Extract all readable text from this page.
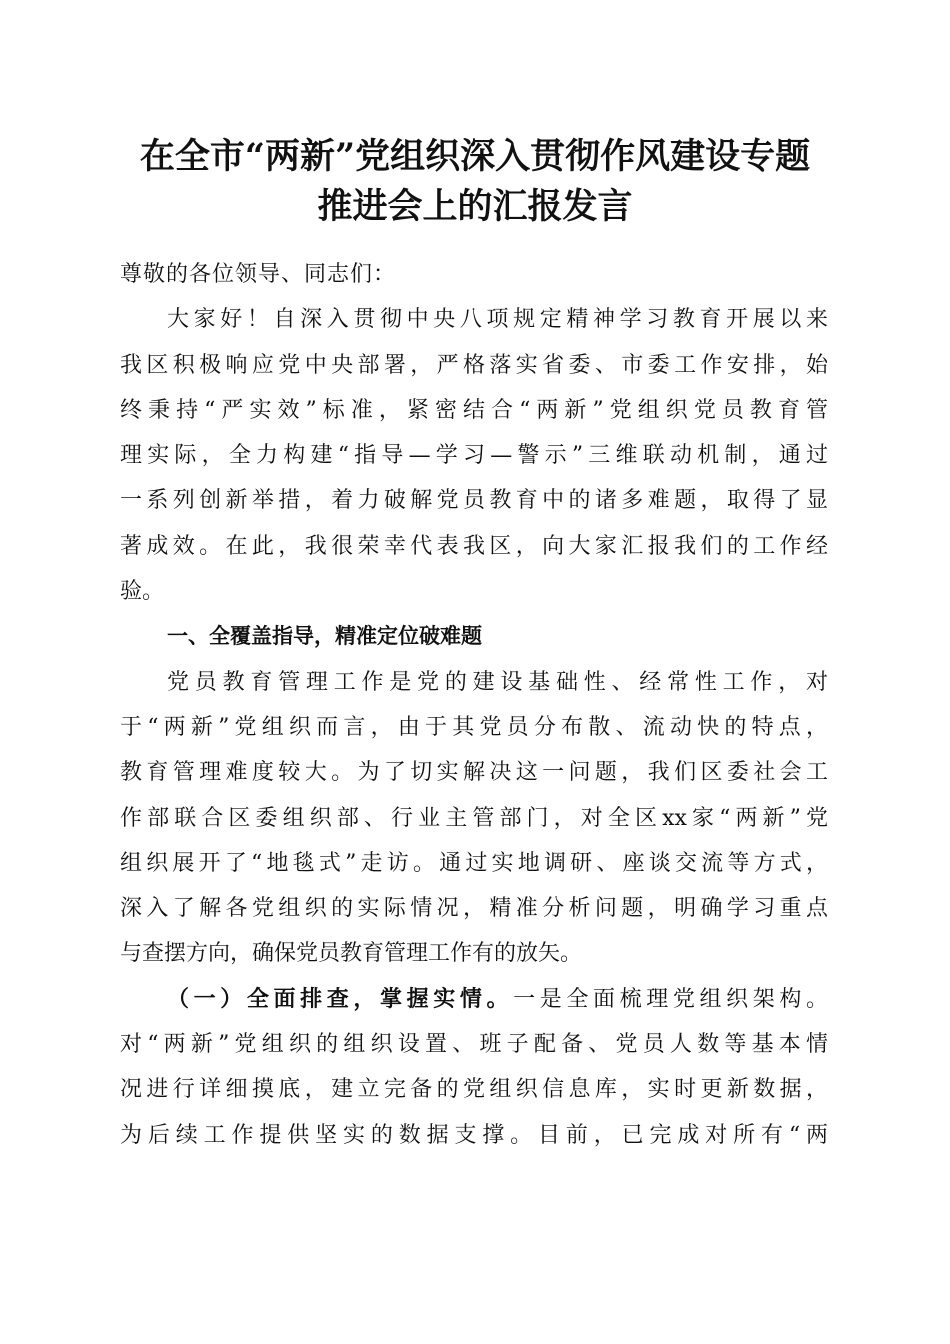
在全市“两新”党组织深入贯彻作风建设专题
推进会上的汇报发言
尊敬的各位领导、同志们：
大家好！自深入贯彻中央八项规定精神学习教育开展以来
我区积极响应党中央部署，严格落实省委、市委工作安排，始
终秉持“严实效”标准，紧密结合“两新”党组织党员教育管
理实际，全力构建“指导—学习—警示”三维联动机制，通过
一系列创新举措，着力破解党员教育中的诸多难题，取得了显
著成效。在此，我很荣幸代表我区，向大家汇报我们的工作经
验。
一、全覆盖指导，精准定位破难题
党员教育管理工作是党的建设基础性、经常性工作，对
于“两新”党组织而言，由于其党员分布散、流动快的特点，
教育管理难度较大。为了切实解决这一问题，我们区委社会工
作部联合区委组织部、行业主管部门，对全区xx家“两新”党
组织展开了“地毯式”走访。通过实地调研、座谈交流等方式，
深入了解各党组织的实际情况，精准分析问题，明确学习重点
与查摆方向，确保党员教育管理工作有的放矢。
（一）全面排查，掌握实情。一是全面梳理党组织架构。
对“两新”党组织的组织设置、班子配备、党员人数等基本情
况进行详细摸底，建立完备的党组织信息库，实时更新数据，
为后续工作提供坚实的数据支撑。目前，已完成对所有“两
